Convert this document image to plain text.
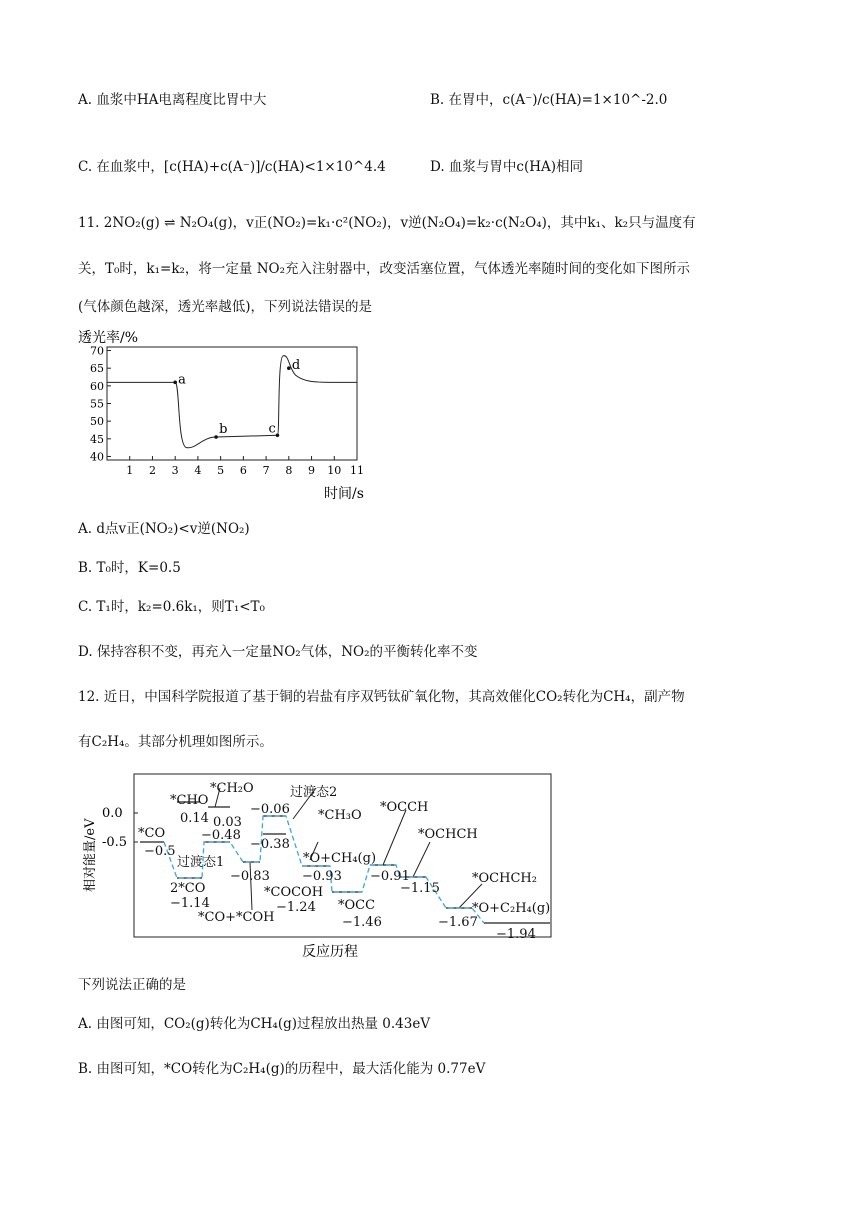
A. 血浆中HA电离程度比胃中大	B. 在胃中，c(A⁻)/c(HA)=1×10^-2.0
C. 在血浆中，[c(HA)+c(A⁻)]/c(HA)<1×10^4.4	D. 血浆与胃中c(HA)相同
11. 2NO₂(g) ⇌ N₂O₄(g)，v正(NO₂)=k₁·c²(NO₂)，v逆(N₂O₄)=k₂·c(N₂O₄)，其中k₁、k₂只与温度有
关，T₀时，k₁=k₂，将一定量 NO₂充入注射器中，改变活塞位置，气体透光率随时间的变化如下图所示
(气体颜色越深，透光率越低)，下列说法错误的是
透光率/%
70
65
60
55
50
45
40
1 2 3 4 5 6 7 8 9 10 11
a
b	c
d
时间/s
A. d点v正(NO₂)<v逆(NO₂)
B. T₀时，K=0.5
C. T₁时，k₂=0.6k₁，则T₁<T₀
D. 保持容积不变，再充入一定量NO₂气体，NO₂的平衡转化率不变
12. 近日，中国科学院报道了基于铜的岩盐有序双钙钛矿氧化物，其高效催化CO₂转化为CH₄，副产物
有C₂H₄。其部分机理如图所示。
相对能量/eV
0.0
-0.5
*CO
−0.5
过渡态1
2*CO
−1.14
*CHO
0.14
*CH₂O
0.03
−0.48
−0.83
*CO+*COH
过渡态2
−0.06
−0.38
*CH₃O
*O+CH₄(g)
−0.93
*COCOH
−1.24 *OCC
−1.46
*OCCH
−0.91
*OCHCH
−1.15
*OCHCH₂
*O+C₂H₄(g)
−1.67
−1.94
反应历程
下列说法正确的是
A. 由图可知，CO₂(g)转化为CH₄(g)过程放出热量 0.43eV
B. 由图可知，*CO转化为C₂H₄(g)的历程中，最大活化能为 0.77eV
